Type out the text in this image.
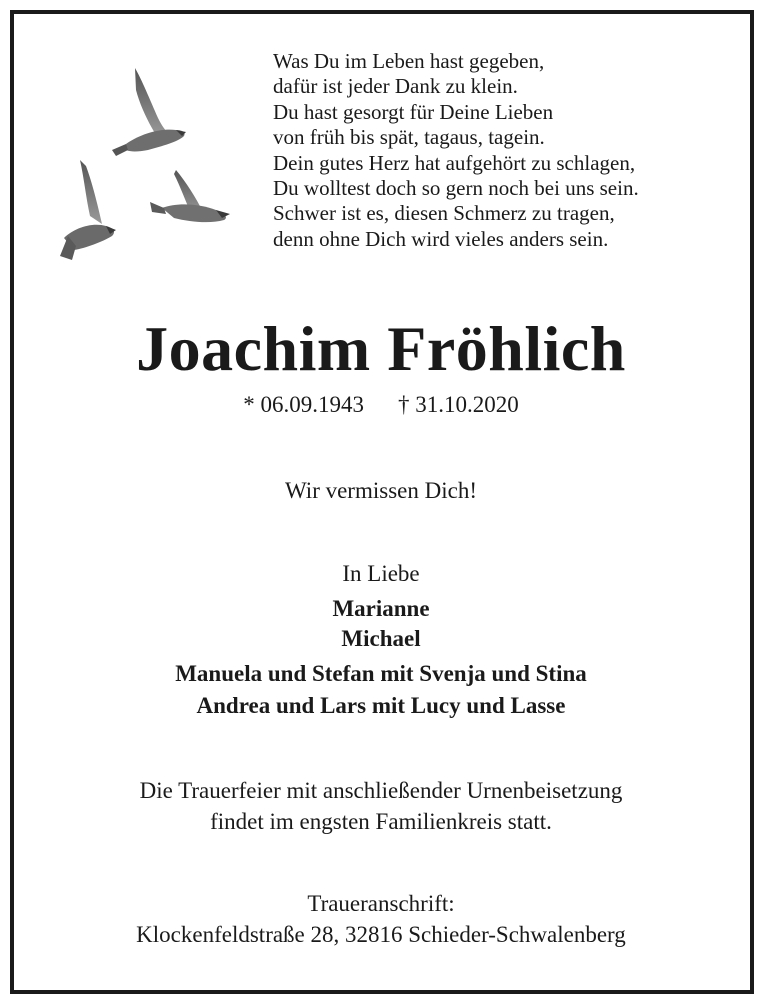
Was Du im Leben hast gegeben,
dafür ist jeder Dank zu klein.
Du hast gesorgt für Deine Lieben
von früh bis spät, tagaus, tagein.
Dein gutes Herz hat aufgehört zu schlagen,
Du wolltest doch so gern noch bei uns sein.
Schwer ist es, diesen Schmerz zu tragen,
denn ohne Dich wird vieles anders sein.
Joachim Fröhlich
* 06.09.1943 † 31.10.2020
Wir vermissen Dich!
In Liebe
Marianne
Michael
Manuela und Stefan mit Svenja und Stina
Andrea und Lars mit Lucy und Lasse
Die Trauerfeier mit anschließender Urnenbeisetzung
findet im engsten Familienkreis statt.
Traueranschrift:
Klockenfeldstraße 28, 32816 Schieder-Schwalenberg
